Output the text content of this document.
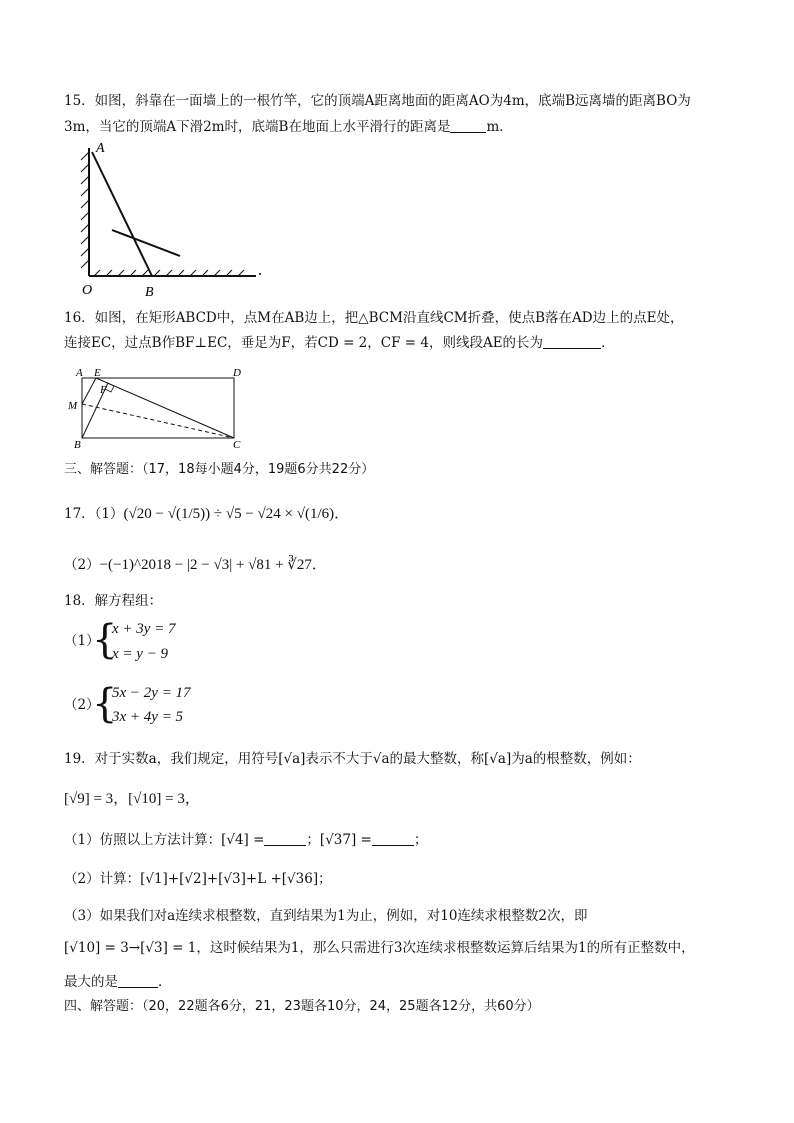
15．如图，斜靠在一面墙上的一根竹竿，它的顶端A距离地面的距离AO为4m，底端B远离墙的距离BO为
3m，当它的顶端A下滑2m时，底端B在地面上水平滑行的距离是	m．
A
O	B
16．如图，在矩形ABCD中，点M在AB边上，把△BCM沿直线CM折叠，使点B落在AD边上的点E处，
连接EC，过点B作BF⊥EC，垂足为F，若CD = 2，CF = 4，则线段AE的长为	．
A E	D
F
M
B	C
三、解答题：（17，18每小题4分，19题6分共22分）
17．（1）(√20 − √(1/5)) ÷ √5 − √24 × √(1/6)．
（2）−(−1)^2018 − |2 − √3| + √81 + ∛27．
18．解方程组：
（1）
{
x + 3y = 7
x = y − 9
（2）
{
5x − 2y = 17
3x + 4y = 5
19．对于实数a，我们规定，用符号[√a]表示不大于√a的最大整数，称[√a]为a的根整数，例如：
[√9] = 3，[√10] = 3，
（1）仿照以上方法计算：[√4] =	；[√37] =	；
（2）计算：[√1]+[√2]+[√3]+L +[√36]；
（3）如果我们对a连续求根整数，直到结果为1为止，例如，对10连续求根整数2次，即
[√10] = 3→[√3] = 1，这时候结果为1，那么只需进行3次连续求根整数运算后结果为1的所有正整数中，
最大的是	．
四、解答题：（20，22题各6分，21，23题各10分，24，25题各12分，共60分）
